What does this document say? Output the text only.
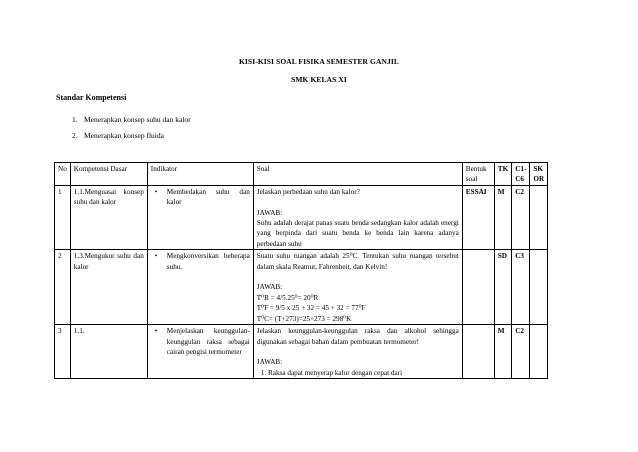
KISI-KISI SOAL FISIKA SEMESTER GANJIL
SMK KELAS XI
Standar Kompetensi
1. Menerapkan konsep suhu dan kalor
2. Menerapkan konsep fluida
No	Kompetensi Dasar	Indikator	Soal	Bentuk soal	TK	C1-C6	SK OR
1	1.1.Menguasai konsep suhu dan kalor	• Membedakan suhu dan kalor	Jelaskan perbedaan suhu dan kalor?

JAWAB:
Suhu adalah derajat panas suatu benda sedangkan kalor adalah energi yang berpinda dari suatu benda ke benda lain karena adanya perbedaan suhu	ESSAI	M	C2	
2	1.3.Mengukur suhu dan kalor	• Mengkonversikan beberapa suhu.	Suatu suhu ruangan adalah 25⁰C. Tentukan suhu ruangan tersebut dalam skala Reamur, Fahrenheit, dan Kelvin!

JAWAB:
T⁰R = 4/5.25⁰= 20⁰R
T⁰F = 9/5 x 25 + 32 = 45 + 32 = 77⁰F
T⁰C= (T+273)=25+273 = 298⁰K		SD	C3	
3	1.1.	• Menjelaskan keunggulan-keunggulan raksa sebagai cairan pengisi termometer	Jelaskan keunggulan-keunggulan raksa dan alkohol sehingga digunakan sebagai bahan dalam pembuatan termometer!

JAWAB:
1. Raksa dapat menyerap kalor dengan cepat dari		M	C2	
